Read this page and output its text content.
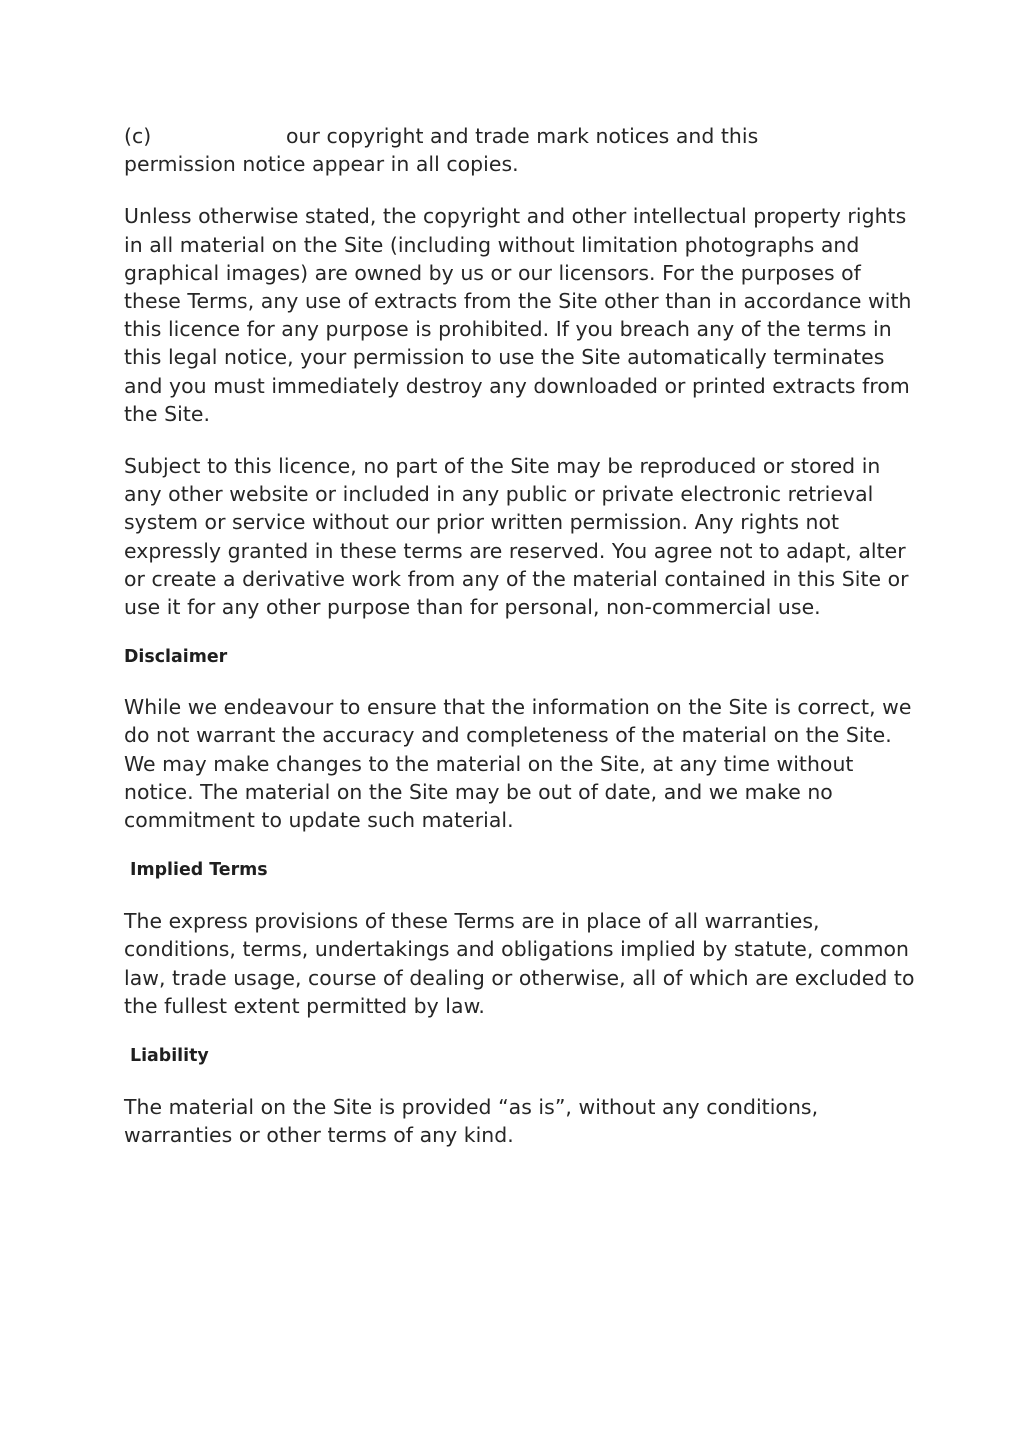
(c)	our copyright and trade mark notices and this
permission notice appear in all copies.

Unless otherwise stated, the copyright and other intellectual property rights in all material on the Site (including without limitation photographs and graphical images) are owned by us or our licensors. For the purposes of these Terms, any use of extracts from the Site other than in accordance with this licence for any purpose is prohibited. If you breach any of the terms in this legal notice, your permission to use the Site automatically terminates and you must immediately destroy any downloaded or printed extracts from the Site.

Subject to this licence, no part of the Site may be reproduced or stored in any other website or included in any public or private electronic retrieval system or service without our prior written permission. Any rights not expressly granted in these terms are reserved. You agree not to adapt, alter or create a derivative work from any of the material contained in this Site or use it for any other purpose than for personal, non-commercial use.

Disclaimer

While we endeavour to ensure that the information on the Site is correct, we do not warrant the accuracy and completeness of the material on the Site. We may make changes to the material on the Site, at any time without notice. The material on the Site may be out of date, and we make no commitment to update such material.

Implied Terms

The express provisions of these Terms are in place of all warranties, conditions, terms, undertakings and obligations implied by statute, common law, trade usage, course of dealing or otherwise, all of which are excluded to the fullest extent permitted by law.

Liability

The material on the Site is provided “as is”, without any conditions, warranties or other terms of any kind.
